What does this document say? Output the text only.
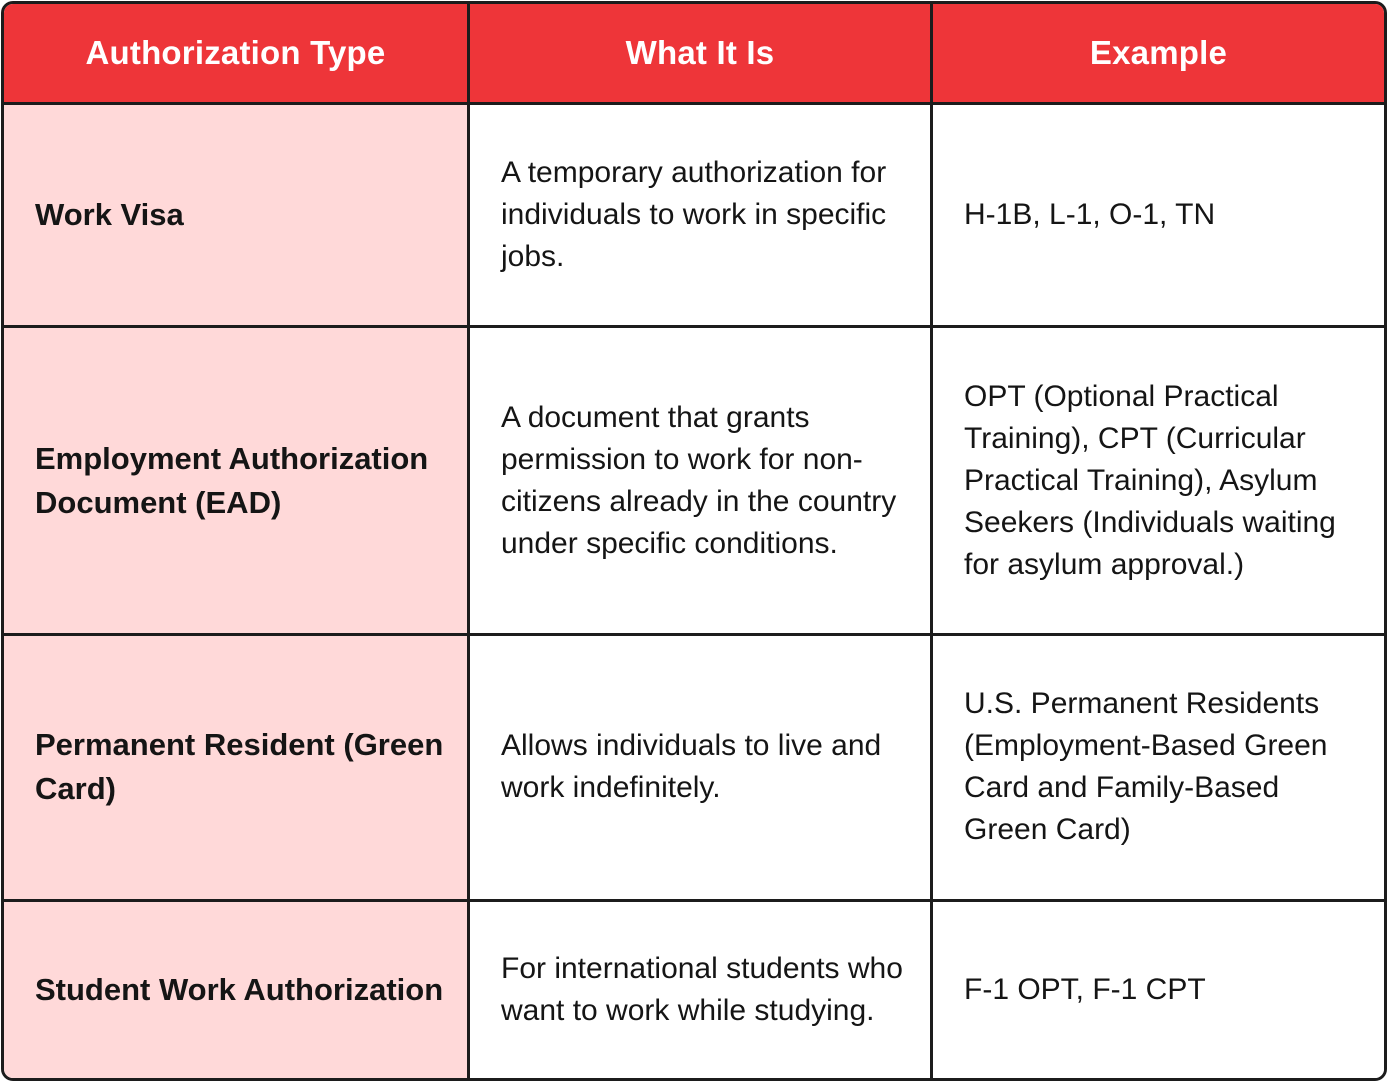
Authorization Type	What It Is	Example
Work Visa	A temporary authorization for individuals to work in specific jobs.	H-1B, L-1, O-1, TN
Employment Authorization Document (EAD)	A document that grants permission to work for non-citizens already in the country under specific conditions.	OPT (Optional Practical Training), CPT (Curricular Practical Training), Asylum Seekers (Individuals waiting for asylum approval.)
Permanent Resident (Green Card)	Allows individuals to live and work indefinitely.	U.S. Permanent Residents (Employment-Based Green Card and Family-Based Green Card)
Student Work Authorization	For international students who want to work while studying.	F-1 OPT, F-1 CPT
